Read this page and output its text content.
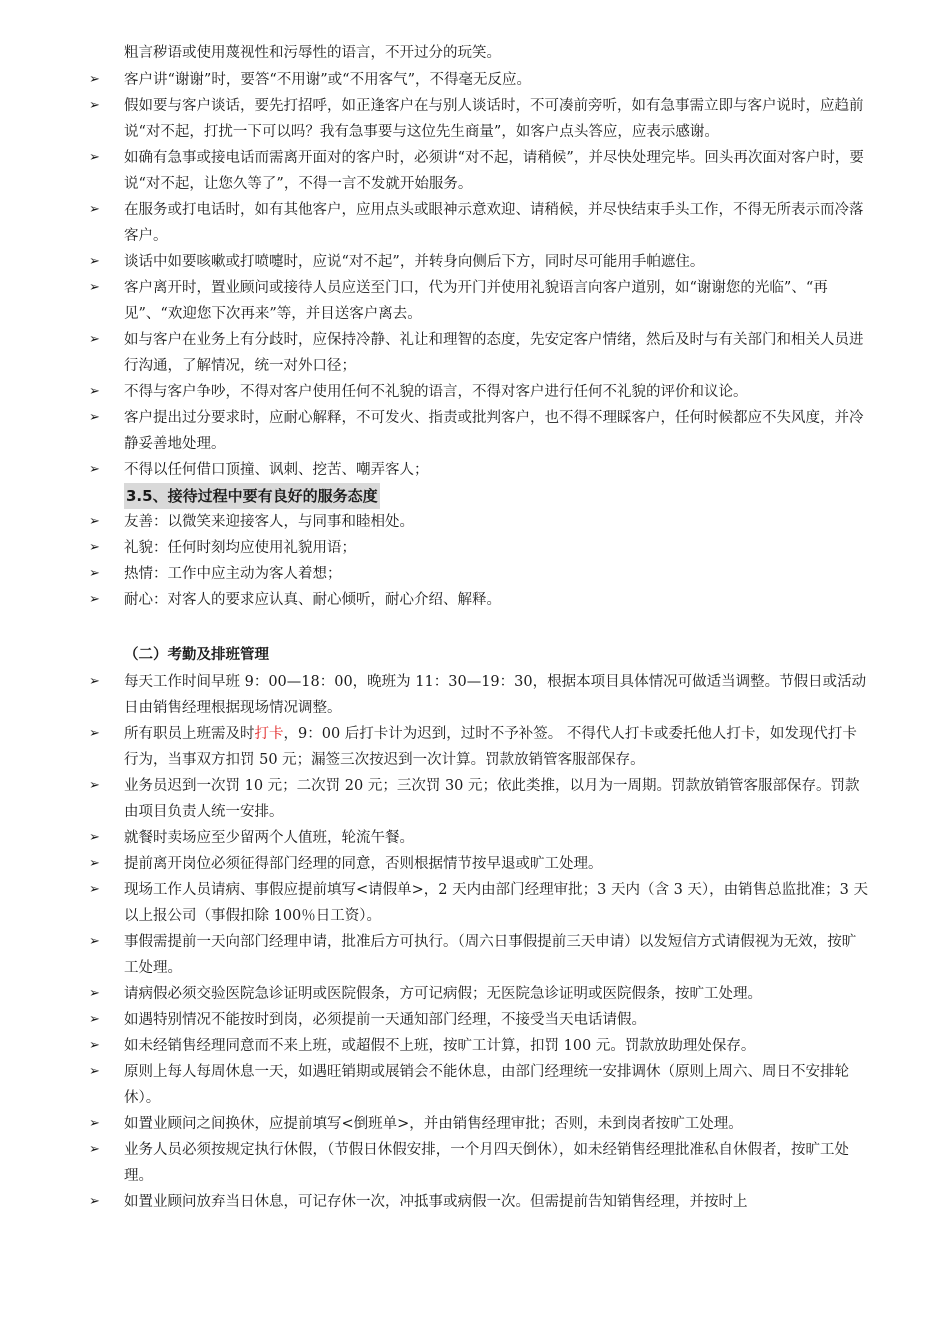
粗言秽语或使用蔑视性和污辱性的语言，不开过分的玩笑。
➢ 客户讲“谢谢”时，要答“不用谢”或“不用客气”，不得毫无反应。
➢ 假如要与客户谈话，要先打招呼，如正逢客户在与别人谈话时，不可凑前旁听，如有急事需立即与客户说时，应趋前说“对不起，打扰一下可以吗？我有急事要与这位先生商量”，如客户点头答应，应表示感谢。
➢ 如确有急事或接电话而需离开面对的客户时，必须讲“对不起，请稍候”，并尽快处理完毕。回头再次面对客户时，要说“对不起，让您久等了”，不得一言不发就开始服务。
➢ 在服务或打电话时，如有其他客户，应用点头或眼神示意欢迎、请稍候，并尽快结束手头工作，不得无所表示而冷落客户。
➢ 谈话中如要咳嗽或打喷嚏时，应说“对不起”，并转身向侧后下方，同时尽可能用手帕遮住。
➢ 客户离开时，置业顾问或接待人员应送至门口，代为开门并使用礼貌语言向客户道别，如“谢谢您的光临”、“再见”、“欢迎您下次再来”等，并目送客户离去。
➢ 如与客户在业务上有分歧时，应保持冷静、礼让和理智的态度，先安定客户情绪，然后及时与有关部门和相关人员进行沟通，了解情况，统一对外口径；
➢ 不得与客户争吵，不得对客户使用任何不礼貌的语言，不得对客户进行任何不礼貌的评价和议论。
➢ 客户提出过分要求时，应耐心解释，不可发火、指责或批判客户，也不得不理睬客户，任何时候都应不失风度，并冷静妥善地处理。
➢ 不得以任何借口顶撞、讽刺、挖苦、嘲弄客人；
3.5、接待过程中要有良好的服务态度
➢ 友善：以微笑来迎接客人，与同事和睦相处。
➢ 礼貌：任何时刻均应使用礼貌用语；
➢ 热情：工作中应主动为客人着想；
➢ 耐心：对客人的要求应认真、耐心倾听，耐心介绍、解释。
（二）考勤及排班管理
➢ 每天工作时间早班 9：00—18：00，晚班为 11：30—19：30，根据本项目具体情况可做适当调整。节假日或活动日由销售经理根据现场情况调整。
➢ 所有职员上班需及时打卡，9：00 后打卡计为迟到，过时不予补签。 不得代人打卡或委托他人打卡，如发现代打卡行为，当事双方扣罚 50 元；漏签三次按迟到一次计算。罚款放销管客服部保存。
➢ 业务员迟到一次罚 10 元；二次罚 20 元；三次罚 30 元；依此类推，以月为一周期。罚款放销管客服部保存。罚款由项目负责人统一安排。
➢ 就餐时卖场应至少留两个人值班，轮流午餐。
➢ 提前离开岗位必须征得部门经理的同意，否则根据情节按早退或旷工处理。
➢ 现场工作人员请病、事假应提前填写<请假单>，2 天内由部门经理审批；3 天内（含 3 天），由销售总监批准；3 天以上报公司（事假扣除 100％日工资）。
➢ 事假需提前一天向部门经理申请，批准后方可执行。（周六日事假提前三天申请）以发短信方式请假视为无效，按旷工处理。
➢ 请病假必须交验医院急诊证明或医院假条，方可记病假；无医院急诊证明或医院假条，按旷工处理。
➢ 如遇特别情况不能按时到岗，必须提前一天通知部门经理，不接受当天电话请假。
➢ 如未经销售经理同意而不来上班，或超假不上班，按旷工计算，扣罚 100 元。罚款放助理处保存。
➢ 原则上每人每周休息一天，如遇旺销期或展销会不能休息，由部门经理统一安排调休（原则上周六、周日不安排轮休）。
➢ 如置业顾问之间换休，应提前填写<倒班单>，并由销售经理审批；否则，未到岗者按旷工处理。
➢ 业务人员必须按规定执行休假，（节假日休假安排，一个月四天倒休），如未经销售经理批准私自休假者，按旷工处理。
➢ 如置业顾问放弃当日休息，可记存休一次，冲抵事或病假一次。但需提前告知销售经理，并按时上
